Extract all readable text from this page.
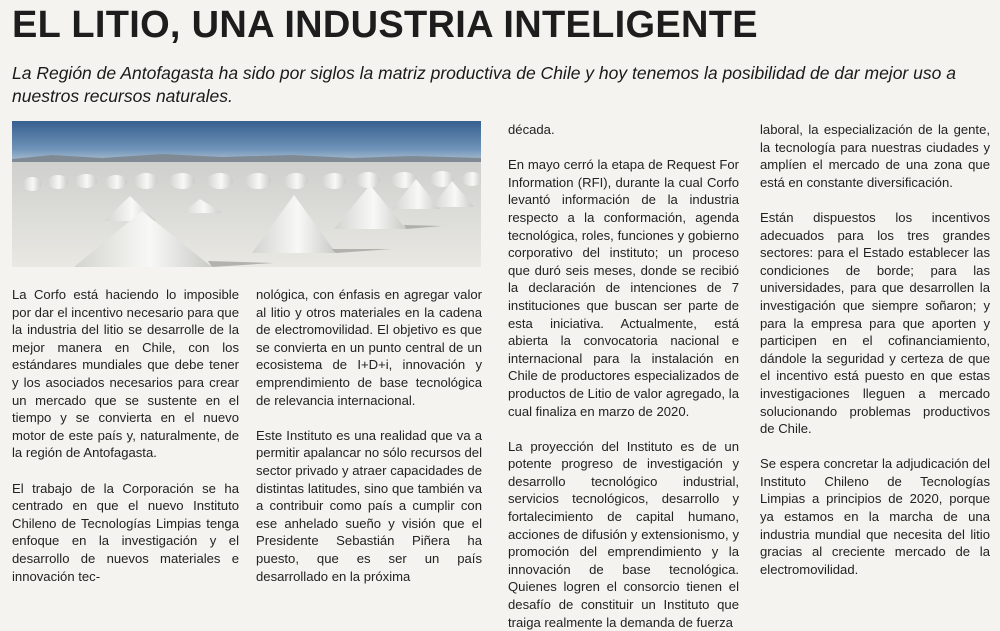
EL LITIO, UNA INDUSTRIA INTELIGENTE
La Región de Antofagasta ha sido por siglos la matriz productiva de Chile y hoy tenemos la posibilidad de dar mejor uso a nuestros recursos naturales.

La Corfo está haciendo lo imposible por dar el incentivo necesario para que la industria del litio se desarrolle de la mejor manera en Chile, con los estándares mundiales que debe tener y los asociados necesarios para crear un mercado que se sustente en el tiempo y se convierta en el nuevo motor de este país y, naturalmente, de la región de Antofagasta.

El trabajo de la Corporación se ha centrado en que el nuevo Instituto Chileno de Tecnologías Limpias tenga enfoque en la investigación y el desarrollo de nuevos materiales e innovación tec-

nológica, con énfasis en agregar valor al litio y otros materiales en la cadena de electromovilidad. El objetivo es que se convierta en un punto central de un ecosistema de I+D+i, innovación y emprendimiento de base tecnológica de relevancia internacional.

Este Instituto es una realidad que va a permitir apalancar no sólo recursos del sector privado y atraer capacidades de distintas latitudes, sino que también va a contribuir como país a cumplir con ese anhelado sueño y visión que el Presidente Sebastián Piñera ha puesto, que es ser un país desarrollado en la próxima

década.

En mayo cerró la etapa de Request For Information (RFI), durante la cual Corfo levantó información de la industria respecto a la conformación, agenda tecnológica, roles, funciones y gobierno corporativo del instituto; un proceso que duró seis meses, donde se recibió la declaración de intenciones de 7 instituciones que buscan ser parte de esta iniciativa. Actualmente, está abierta la convocatoria nacional e internacional para la instalación en Chile de productores especializados de productos de Litio de valor agregado, la cual finaliza en marzo de 2020.

La proyección del Instituto es de un potente progreso de investigación y desarrollo tecnológico industrial, servicios tecnológicos, desarrollo y fortalecimiento de capital humano, acciones de difusión y extensionismo, y promoción del emprendimiento y la innovación de base tecnológica. Quienes logren el consorcio tienen el desafío de constituir un Instituto que traiga realmente la demanda de fuerza

laboral, la especialización de la gente, la tecnología para nuestras ciudades y amplíen el mercado de una zona que está en constante diversificación.

Están dispuestos los incentivos adecuados para los tres grandes sectores: para el Estado establecer las condiciones de borde; para las universidades, para que desarrollen la investigación que siempre soñaron; y para la empresa para que aporten y participen en el cofinanciamiento, dándole la seguridad y certeza de que el incentivo está puesto en que estas investigaciones lleguen a mercado solucionando problemas productivos de Chile.

Se espera concretar la adjudicación del Instituto Chileno de Tecnologías Limpias a principios de 2020, porque ya estamos en la marcha de una industria mundial que necesita del litio gracias al creciente mercado de la electromovilidad.
